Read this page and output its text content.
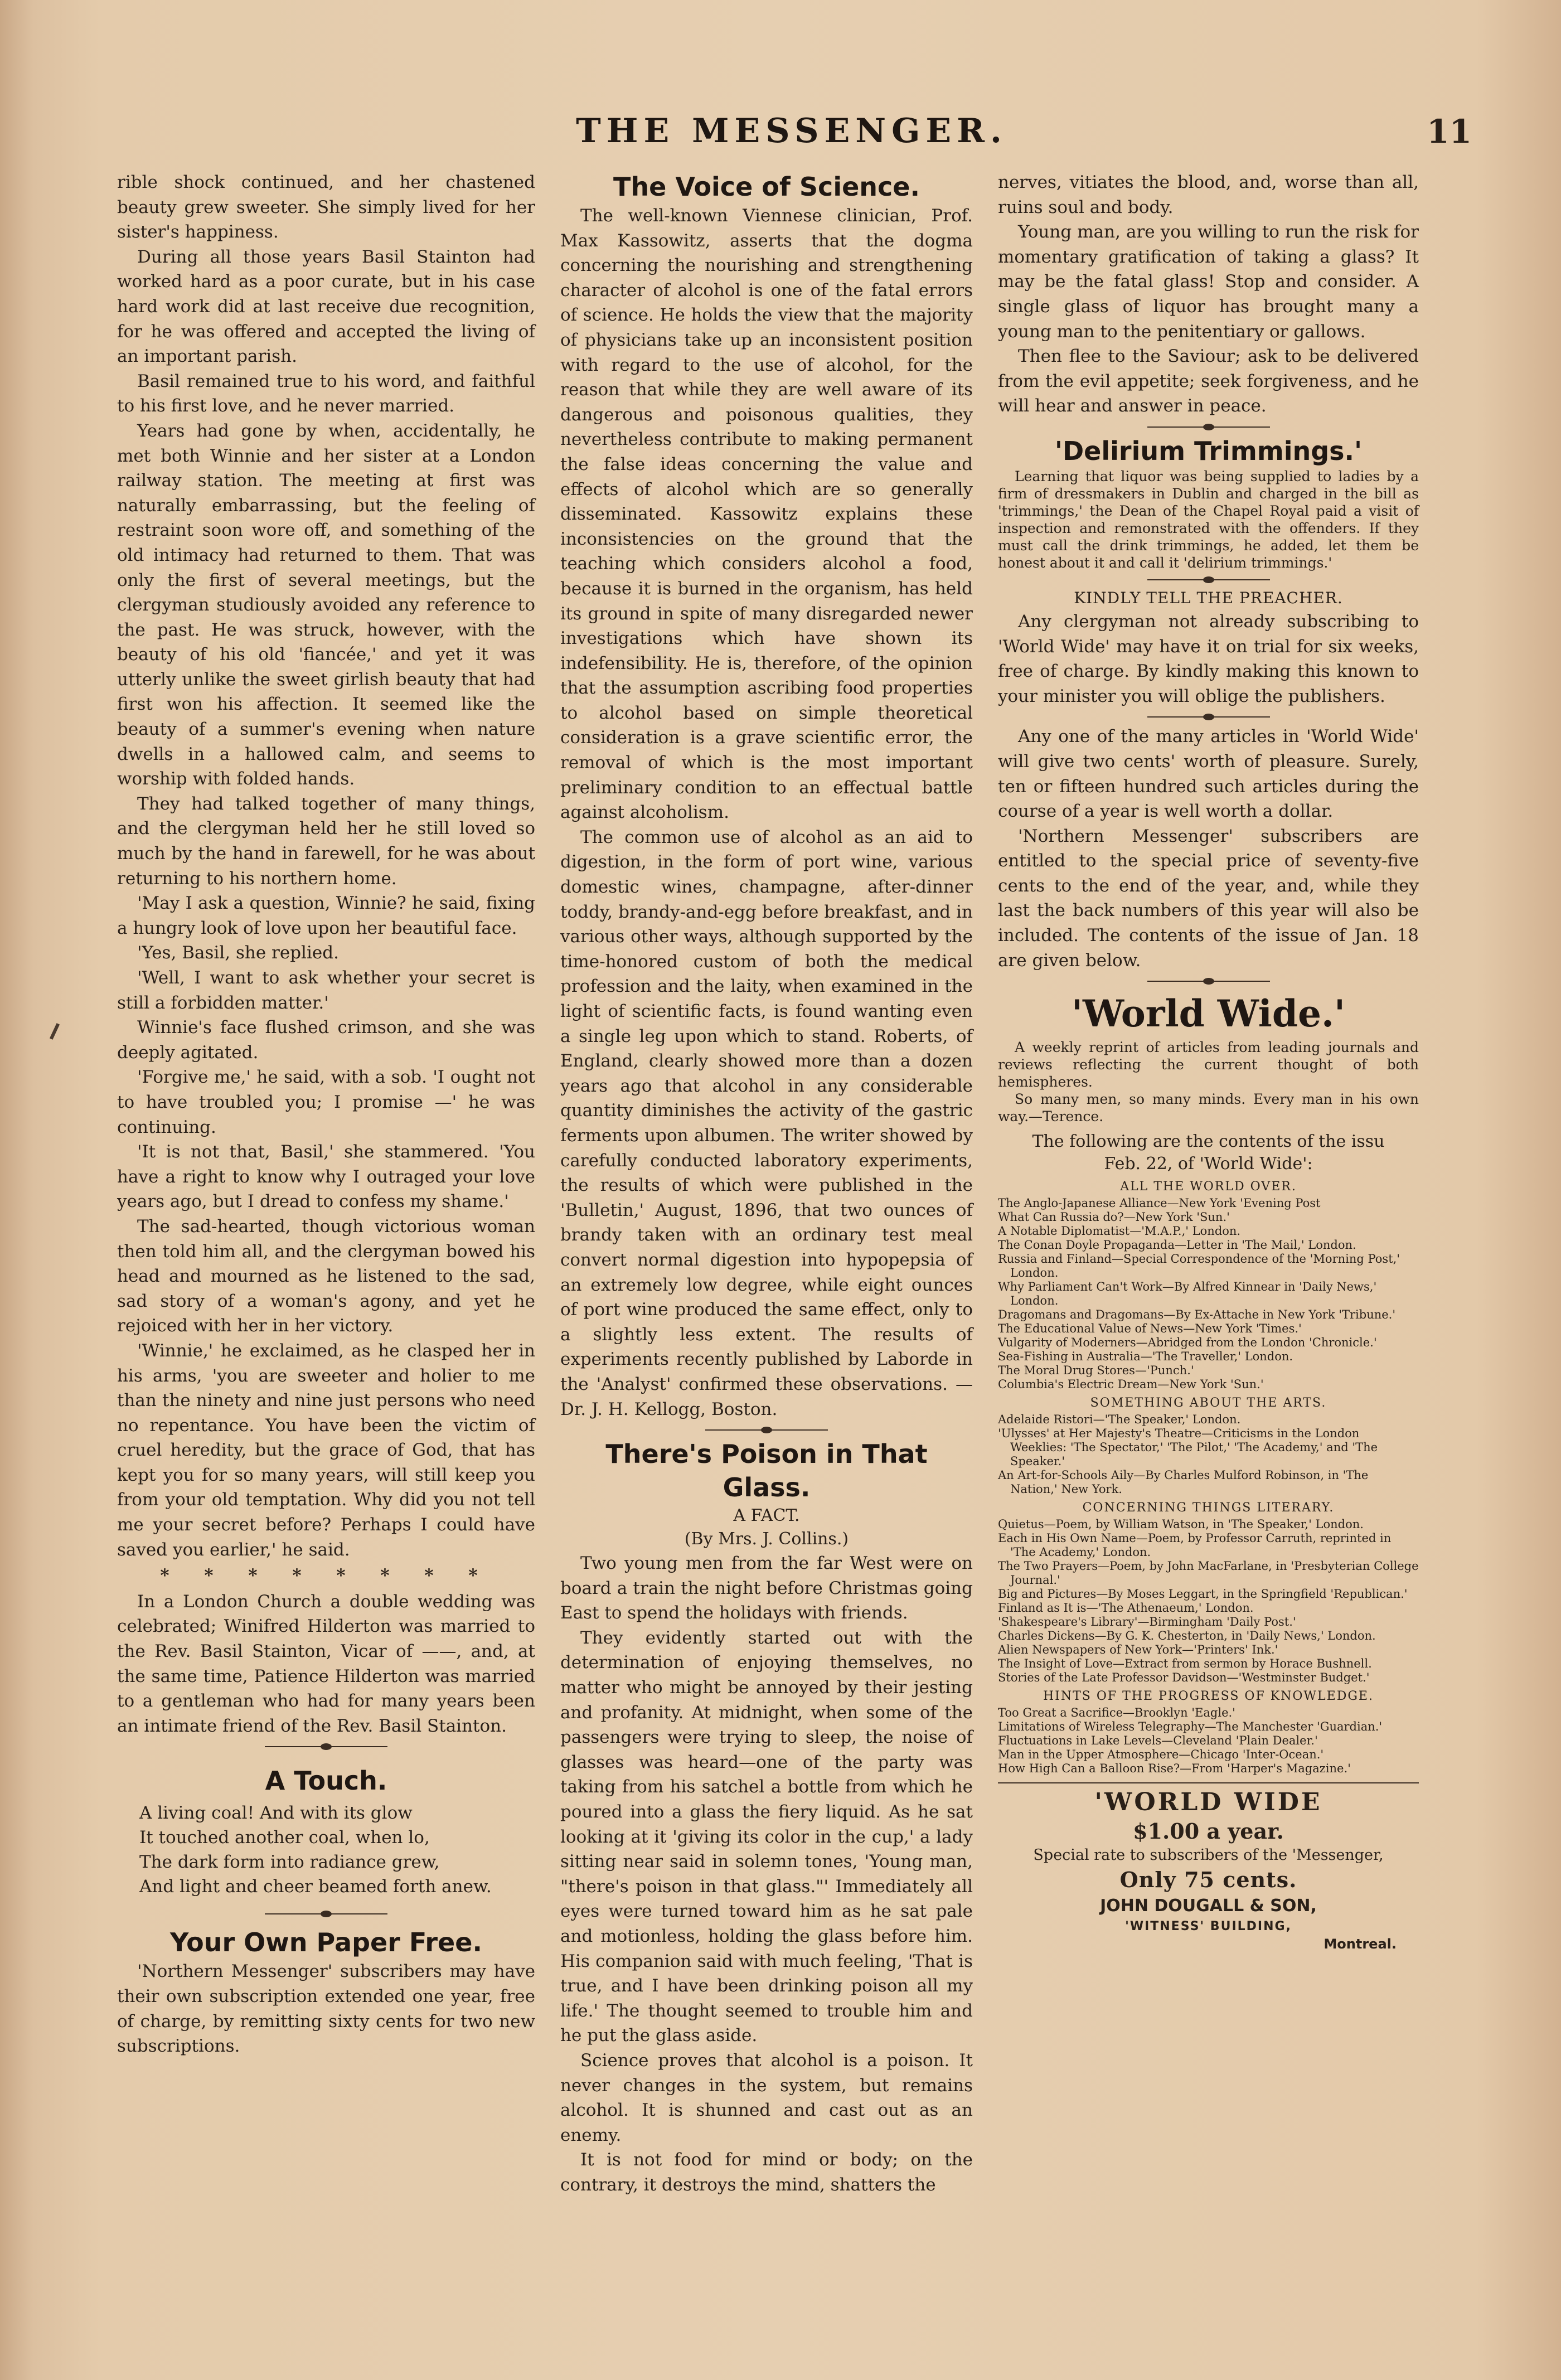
THE MESSENGER.	11

rible shock continued, and her chastened beauty grew sweeter. She simply lived for her sister's happiness.

During all those years Basil Stainton had worked hard as a poor curate, but in his case hard work did at last receive due recognition, for he was offered and accepted the living of an important parish.

Basil remained true to his word, and faithful to his first love, and he never married.

Years had gone by when, accidentally, he met both Winnie and her sister at a London railway station. The meeting at first was naturally embarrassing, but the feeling of restraint soon wore off, and something of the old intimacy had returned to them. That was only the first of several meetings, but the clergyman studiously avoided any reference to the past. He was struck, however, with the beauty of his old 'fiancée,' and yet it was utterly unlike the sweet girlish beauty that had first won his affection. It seemed like the beauty of a summer's evening when nature dwells in a hallowed calm, and seems to worship with folded hands.

They had talked together of many things, and the clergyman held her he still loved so much by the hand in farewell, for he was about returning to his northern home.

'May I ask a question, Winnie? he said, fixing a hungry look of love upon her beautiful face.

'Yes, Basil, she replied.

'Well, I want to ask whether your secret is still a forbidden matter.'

Winnie's face flushed crimson, and she was deeply agitated.

'Forgive me,' he said, with a sob. 'I ought not to have troubled you; I promise —' he was continuing.

'It is not that, Basil,' she stammered. 'You have a right to know why I outraged your love years ago, but I dread to confess my shame.'

The sad-hearted, though victorious woman then told him all, and the clergyman bowed his head and mourned as he listened to the sad, sad story of a woman's agony, and yet he rejoiced with her in her victory.

'Winnie,' he exclaimed, as he clasped her in his arms, 'you are sweeter and holier to me than the ninety and nine just persons who need no repentance. You have been the victim of cruel heredity, but the grace of God, that has kept you for so many years, will still keep you from your old temptation. Why did you not tell me your secret before? Perhaps I could have saved you earlier,' he said.

* * * * * * * *

In a London Church a double wedding was celebrated; Winifred Hilderton was married to the Rev. Basil Stainton, Vicar of ——, and, at the same time, Patience Hilderton was married to a gentleman who had for many years been an intimate friend of the Rev. Basil Stainton.

A Touch.
A living coal! And with its glow
It touched another coal, when lo,
The dark form into radiance grew,
And light and cheer beamed forth anew.
Your Own Paper Free.

'Northern Messenger' subscribers may have their own subscription extended one year, free of charge, by remitting sixty cents for two new subscriptions.

The Voice of Science.

The well-known Viennese clinician, Prof. Max Kassowitz, asserts that the dogma concerning the nourishing and strengthening character of alcohol is one of the fatal errors of science. He holds the view that the majority of physicians take up an inconsistent position with regard to the use of alcohol, for the reason that while they are well aware of its dangerous and poisonous qualities, they nevertheless contribute to making permanent the false ideas concerning the value and effects of alcohol which are so generally disseminated. Kassowitz explains these inconsistencies on the ground that the teaching which considers alcohol a food, because it is burned in the organism, has held its ground in spite of many disregarded newer investigations which have shown its indefensibility. He is, therefore, of the opinion that the assumption ascribing food properties to alcohol based on simple theoretical consideration is a grave scientific error, the removal of which is the most important preliminary condition to an effectual battle against alcoholism.

The common use of alcohol as an aid to digestion, in the form of port wine, various domestic wines, champagne, after-dinner toddy, brandy-and-egg before breakfast, and in various other ways, although supported by the time-honored custom of both the medical profession and the laity, when examined in the light of scientific facts, is found wanting even a single leg upon which to stand. Roberts, of England, clearly showed more than a dozen years ago that alcohol in any considerable quantity diminishes the activity of the gastric ferments upon albumen. The writer showed by carefully conducted laboratory experiments, the results of which were published in the 'Bulletin,' August, 1896, that two ounces of brandy taken with an ordinary test meal convert normal digestion into hypopepsia of an extremely low degree, while eight ounces of port wine produced the same effect, only to a slightly less extent. The results of experiments recently published by Laborde in the 'Analyst' confirmed these observations. —Dr. J. H. Kellogg, Boston.

There's Poison in That Glass.
A FACT.
(By Mrs. J. Collins.)

Two young men from the far West were on board a train the night before Christmas going East to spend the holidays with friends.

They evidently started out with the determination of enjoying themselves, no matter who might be annoyed by their jesting and profanity. At midnight, when some of the passengers were trying to sleep, the noise of glasses was heard—one of the party was taking from his satchel a bottle from which he poured into a glass the fiery liquid. As he sat looking at it 'giving its color in the cup,' a lady sitting near said in solemn tones, 'Young man, "there's poison in that glass."' Immediately all eyes were turned toward him as he sat pale and motionless, holding the glass before him. His companion said with much feeling, 'That is true, and I have been drinking poison all my life.' The thought seemed to trouble him and he put the glass aside.

Science proves that alcohol is a poison. It never changes in the system, but remains alcohol. It is shunned and cast out as an enemy.

It is not food for mind or body; on the contrary, it destroys the mind, shatters the

nerves, vitiates the blood, and, worse than all, ruins soul and body.

Young man, are you willing to run the risk for momentary gratification of taking a glass? It may be the fatal glass! Stop and consider. A single glass of liquor has brought many a young man to the penitentiary or gallows.

Then flee to the Saviour; ask to be delivered from the evil appetite; seek forgiveness, and he will hear and answer in peace.

'Delirium Trimmings.'

Learning that liquor was being supplied to ladies by a firm of dressmakers in Dublin and charged in the bill as 'trimmings,' the Dean of the Chapel Royal paid a visit of inspection and remonstrated with the offenders. If they must call the drink trimmings, he added, let them be honest about it and call it 'delirium trimmings.'

KINDLY TELL THE PREACHER.

Any clergyman not already subscribing to 'World Wide' may have it on trial for six weeks, free of charge. By kindly making this known to your minister you will oblige the publishers.

Any one of the many articles in 'World Wide' will give two cents' worth of pleasure. Surely, ten or fifteen hundred such articles during the course of a year is well worth a dollar.

'Northern Messenger' subscribers are entitled to the special price of seventy-five cents to the end of the year, and, while they last the back numbers of this year will also be included. The contents of the issue of Jan. 18 are given below.

'World Wide.'

A weekly reprint of articles from leading journals and reviews reflecting the current thought of both hemispheres.

So many men, so many minds. Every man in his own way.—Terence.

The following are the contents of the issu
Feb. 22, of 'World Wide':
ALL THE WORLD OVER.
The Anglo-Japanese Alliance—New York 'Evening Post
What Can Russia do?—New York 'Sun.'
A Notable Diplomatist—'M.A.P.,' London.
The Conan Doyle Propaganda—Letter in 'The Mail,' London.
Russia and Finland—Special Correspondence of the 'Morning Post,' London.
Why Parliament Can't Work—By Alfred Kinnear in 'Daily News,' London.
Dragomans and Dragomans—By Ex-Attache in New York 'Tribune.'
The Educational Value of News—New York 'Times.'
Vulgarity of Moderners—Abridged from the London 'Chronicle.'
Sea-Fishing in Australia—'The Traveller,' London.
The Moral Drug Stores—'Punch.'
Columbia's Electric Dream—New York 'Sun.'
SOMETHING ABOUT THE ARTS.
Adelaide Ristori—'The Speaker,' London.
'Ulysses' at Her Majesty's Theatre—Criticisms in the London Weeklies: 'The Spectator,' 'The Pilot,' 'The Academy,' and 'The Speaker.'
An Art-for-Schools Aily—By Charles Mulford Robinson, in 'The Nation,' New York.
CONCERNING THINGS LITERARY.
Quietus—Poem, by William Watson, in 'The Speaker,' London.
Each in His Own Name—Poem, by Professor Carruth, reprinted in 'The Academy,' London.
The Two Prayers—Poem, by John MacFarlane, in 'Presbyterian College Journal.'
Big and Pictures—By Moses Leggart, in the Springfield 'Republican.'
Finland as It is—'The Athenaeum,' London.
'Shakespeare's Library'—Birmingham 'Daily Post.'
Charles Dickens—By G. K. Chesterton, in 'Daily News,' London.
Alien Newspapers of New York—'Printers' Ink.'
The Insight of Love—Extract from sermon by Horace Bushnell.
Stories of the Late Professor Davidson—'Westminster Budget.'
HINTS OF THE PROGRESS OF KNOWLEDGE.
Too Great a Sacrifice—Brooklyn 'Eagle.'
Limitations of Wireless Telegraphy—The Manchester 'Guardian.'
Fluctuations in Lake Levels—Cleveland 'Plain Dealer.'
Man in the Upper Atmosphere—Chicago 'Inter-Ocean.'
How High Can a Balloon Rise?—From 'Harper's Magazine.'
'WORLD WIDE
$1.00 a year.
Special rate to subscribers of the 'Messenger,
Only 75 cents.
JOHN DOUGALL & SON,
'WITNESS' BUILDING,
Montreal.
